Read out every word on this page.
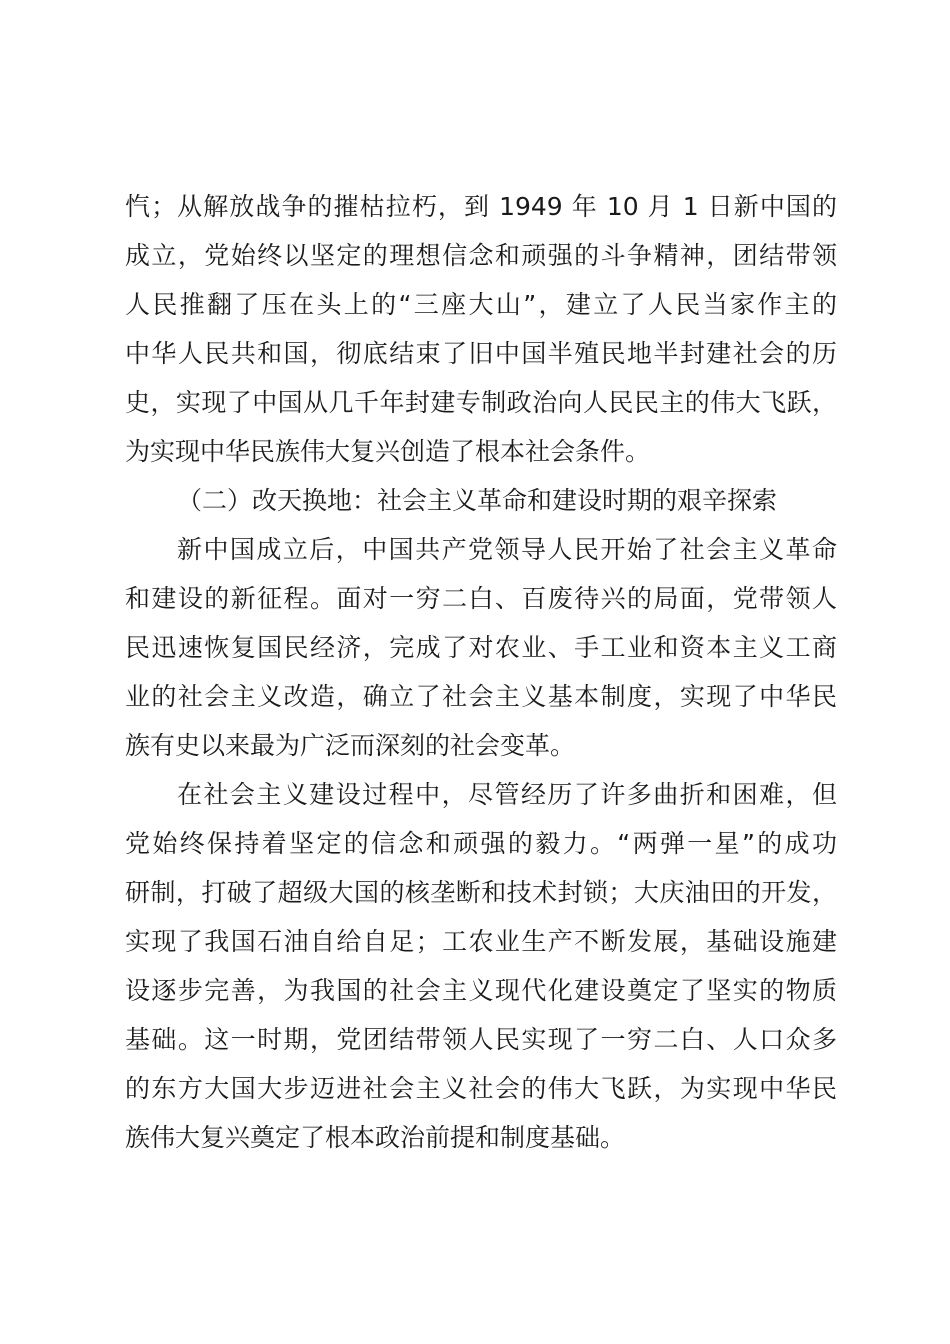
忾；从解放战争的摧枯拉朽，到 1949 年 10 月 1 日新中国的
成立，党始终以坚定的理想信念和顽强的斗争精神，团结带领
人民推翻了压在头上的“三座大山”，建立了人民当家作主的
中华人民共和国，彻底结束了旧中国半殖民地半封建社会的历
史，实现了中国从几千年封建专制政治向人民民主的伟大飞跃，
为实现中华民族伟大复兴创造了根本社会条件。
（二）改天换地：社会主义革命和建设时期的艰辛探索
新中国成立后，中国共产党领导人民开始了社会主义革命
和建设的新征程。面对一穷二白、百废待兴的局面，党带领人
民迅速恢复国民经济，完成了对农业、手工业和资本主义工商
业的社会主义改造，确立了社会主义基本制度，实现了中华民
族有史以来最为广泛而深刻的社会变革。
在社会主义建设过程中，尽管经历了许多曲折和困难，但
党始终保持着坚定的信念和顽强的毅力。“两弹一星”的成功
研制，打破了超级大国的核垄断和技术封锁；大庆油田的开发，
实现了我国石油自给自足；工农业生产不断发展，基础设施建
设逐步完善，为我国的社会主义现代化建设奠定了坚实的物质
基础。这一时期，党团结带领人民实现了一穷二白、人口众多
的东方大国大步迈进社会主义社会的伟大飞跃，为实现中华民
族伟大复兴奠定了根本政治前提和制度基础。
